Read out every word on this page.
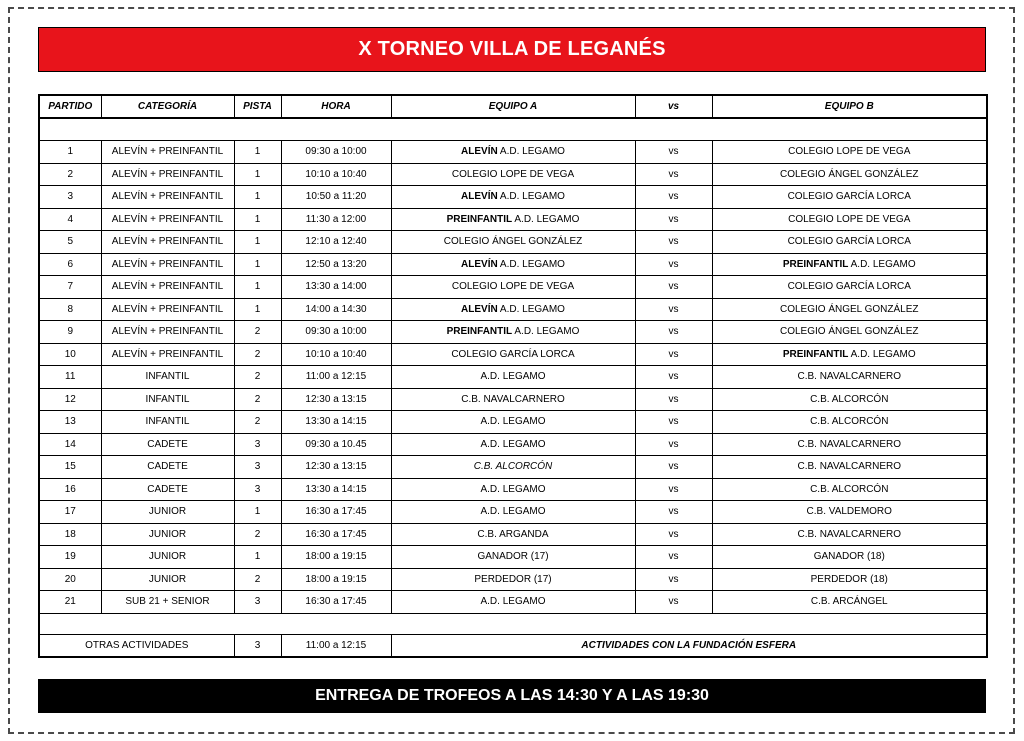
X TORNEO VILLA DE LEGANÉS
PARTIDO	CATEGORÍA	PISTA	HORA	EQUIPO A	vs	EQUIPO B

1	ALEVÍN + PREINFANTIL	1	09:30 a 10:00	ALEVÍN A.D. LEGAMO	vs	COLEGIO LOPE DE VEGA
2	ALEVÍN + PREINFANTIL	1	10:10 a 10:40	COLEGIO LOPE DE VEGA	vs	COLEGIO ÁNGEL GONZÁLEZ
3	ALEVÍN + PREINFANTIL	1	10:50 a 11:20	ALEVÍN A.D. LEGAMO	vs	COLEGIO GARCÍA LORCA
4	ALEVÍN + PREINFANTIL	1	11:30 a 12:00	PREINFANTIL A.D. LEGAMO	vs	COLEGIO LOPE DE VEGA
5	ALEVÍN + PREINFANTIL	1	12:10 a 12:40	COLEGIO ÁNGEL GONZÁLEZ	vs	COLEGIO GARCÍA LORCA
6	ALEVÍN + PREINFANTIL	1	12:50 a 13:20	ALEVÍN A.D. LEGAMO	vs	PREINFANTIL A.D. LEGAMO
7	ALEVÍN + PREINFANTIL	1	13:30 a 14:00	COLEGIO LOPE DE VEGA	vs	COLEGIO GARCÍA LORCA
8	ALEVÍN + PREINFANTIL	1	14:00 a 14:30	ALEVÍN A.D. LEGAMO	vs	COLEGIO ÁNGEL GONZÁLEZ
9	ALEVÍN + PREINFANTIL	2	09:30 a 10:00	PREINFANTIL A.D. LEGAMO	vs	COLEGIO ÁNGEL GONZÁLEZ
10	ALEVÍN + PREINFANTIL	2	10:10 a 10:40	COLEGIO GARCÍA LORCA	vs	PREINFANTIL A.D. LEGAMO
11	INFANTIL	2	11:00 a 12:15	A.D. LEGAMO	vs	C.B. NAVALCARNERO
12	INFANTIL	2	12:30 a 13:15	C.B. NAVALCARNERO	vs	C.B. ALCORCÓN
13	INFANTIL	2	13:30 a 14:15	A.D. LEGAMO	vs	C.B. ALCORCÓN
14	CADETE	3	09:30 a 10.45	A.D. LEGAMO	vs	C.B. NAVALCARNERO
15	CADETE	3	12:30 a 13:15	C.B. ALCORCÓN	vs	C.B. NAVALCARNERO
16	CADETE	3	13:30 a 14:15	A.D. LEGAMO	vs	C.B. ALCORCÓN
17	JUNIOR	1	16:30 a 17:45	A.D. LEGAMO	vs	C.B. VALDEMORO
18	JUNIOR	2	16:30 a 17:45	C.B. ARGANDA	vs	C.B. NAVALCARNERO
19	JUNIOR	1	18:00 a 19:15	GANADOR (17)	vs	GANADOR (18)
20	JUNIOR	2	18:00 a 19:15	PERDEDOR (17)	vs	PERDEDOR (18)
21	SUB 21 + SENIOR	3	16:30 a 17:45	A.D. LEGAMO	vs	C.B. ARCÁNGEL

OTRAS ACTIVIDADES		3	11:00 a 12:15	ACTIVIDADES CON LA FUNDACIÓN ESFERA		
ENTREGA DE TROFEOS A LAS 14:30 Y A LAS 19:30
